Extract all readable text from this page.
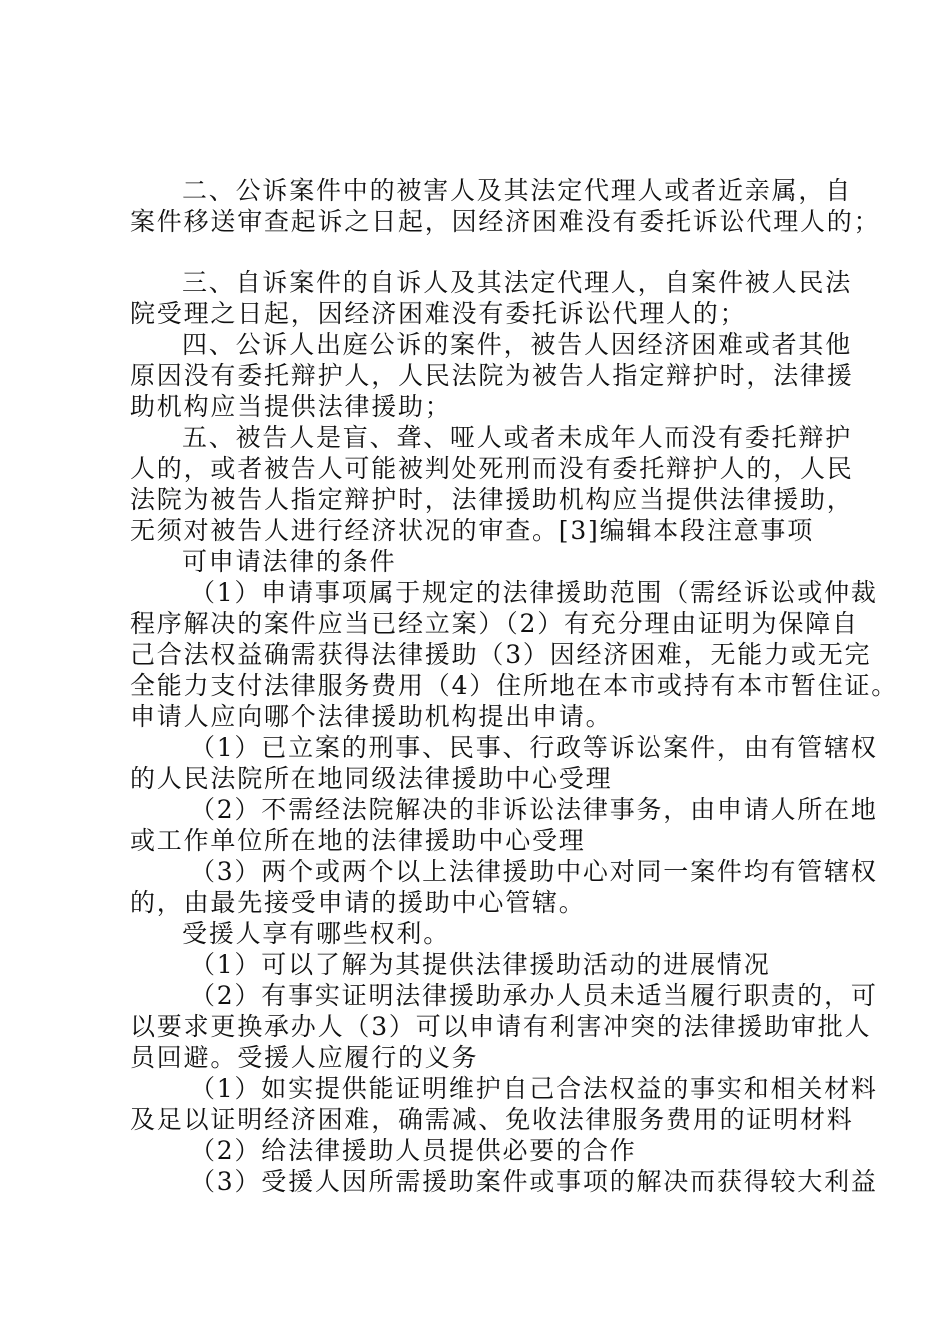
二、公诉案件中的被害人及其法定代理人或者近亲属，自

案件移送审查起诉之日起，因经济困难没有委托诉讼代理人的；

三、自诉案件的自诉人及其法定代理人，自案件被人民法

院受理之日起，因经济困难没有委托诉讼代理人的；

四、公诉人出庭公诉的案件，被告人因经济困难或者其他

原因没有委托辩护人，人民法院为被告人指定辩护时，法律援

助机构应当提供法律援助；

五、被告人是盲、聋、哑人或者未成年人而没有委托辩护

人的，或者被告人可能被判处死刑而没有委托辩护人的，人民

法院为被告人指定辩护时，法律援助机构应当提供法律援助，

无须对被告人进行经济状况的审查。[3]编辑本段注意事项

可申请法律的条件

（1）申请事项属于规定的法律援助范围（需经诉讼或仲裁

程序解决的案件应当已经立案）（2）有充分理由证明为保障自

己合法权益确需获得法律援助（3）因经济困难，无能力或无完

全能力支付法律服务费用（4）住所地在本市或持有本市暂住证。

申请人应向哪个法律援助机构提出申请。

（1）已立案的刑事、民事、行政等诉讼案件，由有管辖权

的人民法院所在地同级法律援助中心受理

（2）不需经法院解决的非诉讼法律事务，由申请人所在地

或工作单位所在地的法律援助中心受理

（3）两个或两个以上法律援助中心对同一案件均有管辖权

的，由最先接受申请的援助中心管辖。

受援人享有哪些权利。

（1）可以了解为其提供法律援助活动的进展情况

（2）有事实证明法律援助承办人员未适当履行职责的，可

以要求更换承办人（3）可以申请有利害冲突的法律援助审批人

员回避。受援人应履行的义务

（1）如实提供能证明维护自己合法权益的事实和相关材料

及足以证明经济困难，确需减、免收法律服务费用的证明材料

（2）给法律援助人员提供必要的合作

（3）受援人因所需援助案件或事项的解决而获得较大利益
